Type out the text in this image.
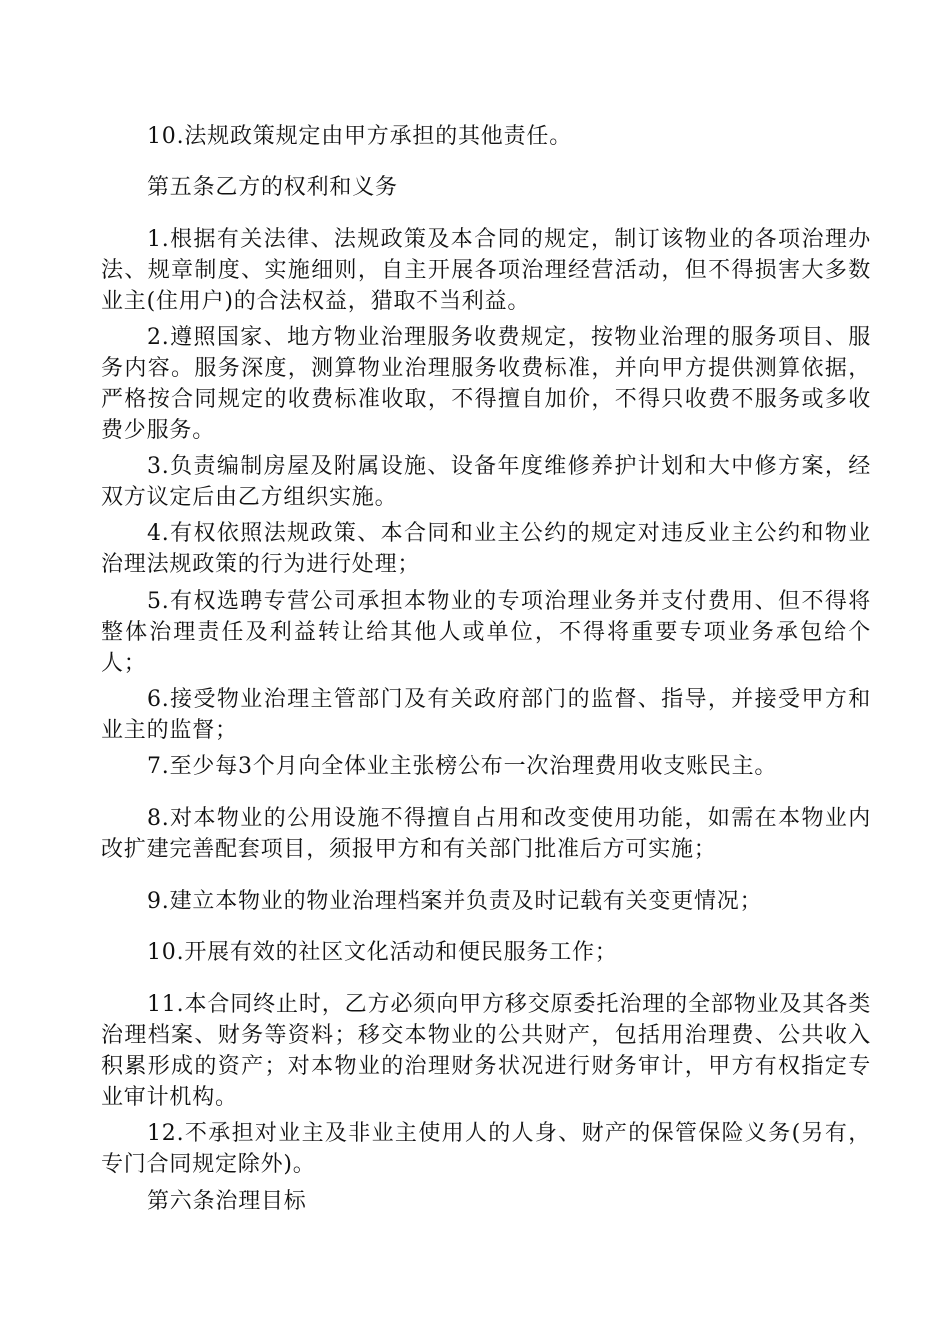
10.法规政策规定由甲方承担的其他责任。

第五条乙方的权利和义务

1.根据有关法律、法规政策及本合同的规定，制订该物业的各项治理办法、规章制度、实施细则，自主开展各项治理经营活动，但不得损害大多数业主(住用户)的合法权益，猎取不当利益。

2.遵照国家、地方物业治理服务收费规定，按物业治理的服务项目、服务内容。服务深度，测算物业治理服务收费标准，并向甲方提供测算依据，严格按合同规定的收费标准收取，不得擅自加价，不得只收费不服务或多收费少服务。

3.负责编制房屋及附属设施、设备年度维修养护计划和大中修方案，经双方议定后由乙方组织实施。

4.有权依照法规政策、本合同和业主公约的规定对违反业主公约和物业治理法规政策的行为进行处理；

5.有权选聘专营公司承担本物业的专项治理业务并支付费用、但不得将整体治理责任及利益转让给其他人或单位，不得将重要专项业务承包给个人；

6.接受物业治理主管部门及有关政府部门的监督、指导，并接受甲方和业主的监督；

7.至少每3个月向全体业主张榜公布一次治理费用收支账民主。

8.对本物业的公用设施不得擅自占用和改变使用功能，如需在本物业内改扩建完善配套项目，须报甲方和有关部门批准后方可实施；

9.建立本物业的物业治理档案并负责及时记载有关变更情况；

10.开展有效的社区文化活动和便民服务工作；

11.本合同终止时，乙方必须向甲方移交原委托治理的全部物业及其各类治理档案、财务等资料；移交本物业的公共财产，包括用治理费、公共收入积累形成的资产；对本物业的治理财务状况进行财务审计，甲方有权指定专业审计机构。

12.不承担对业主及非业主使用人的人身、财产的保管保险义务(另有，专门合同规定除外)。

第六条治理目标
